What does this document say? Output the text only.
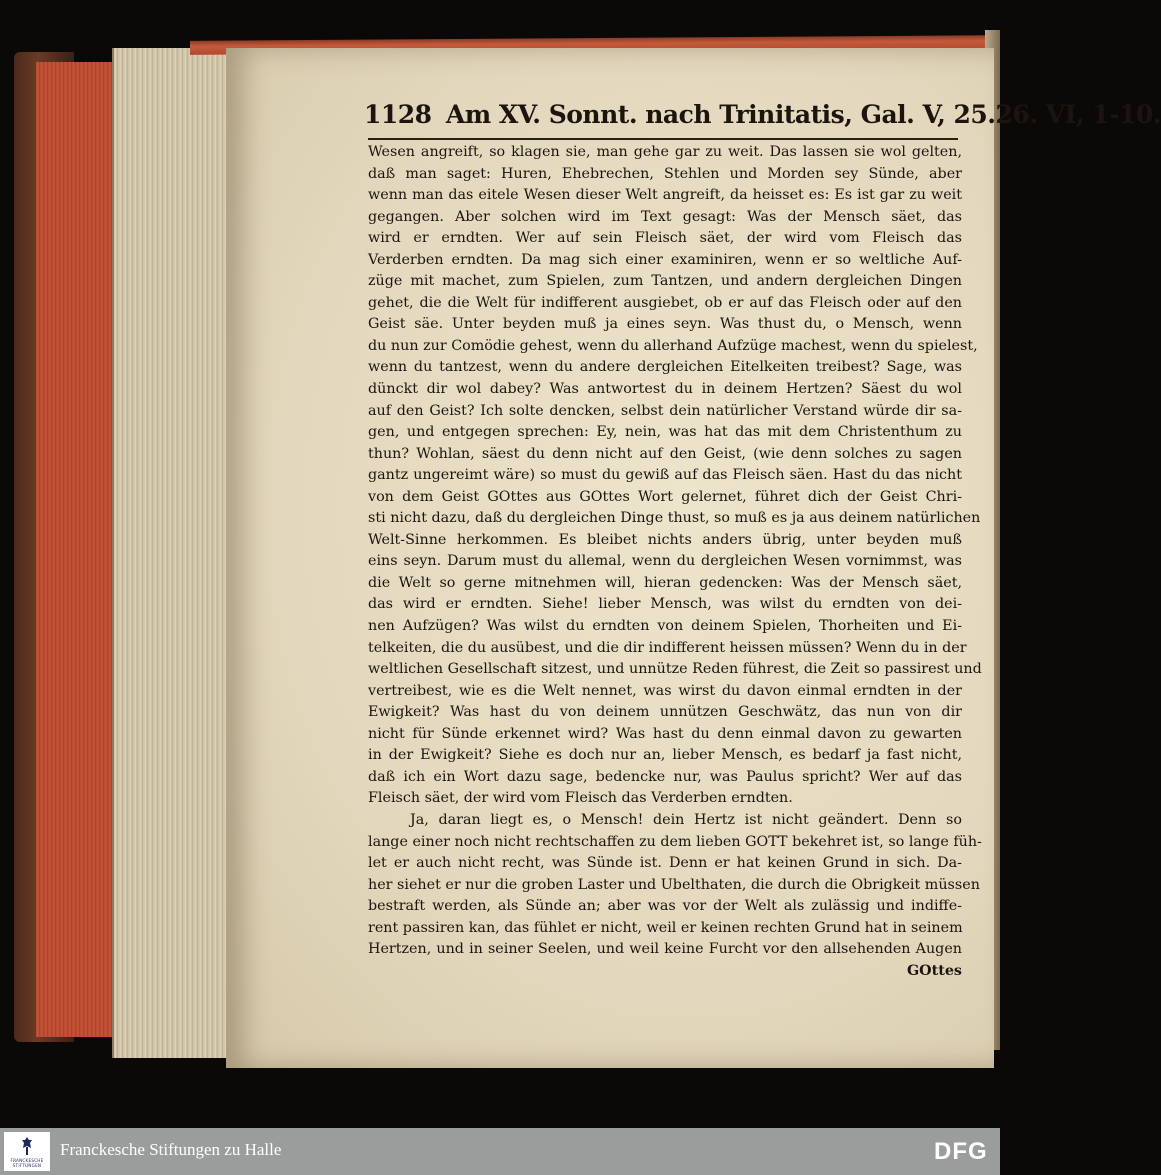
1128 Am XV. Sonnt. nach Trinitatis, Gal. V, 25.26. VI, 1-10.
Wesen angreift, so klagen sie, man gehe gar zu weit. Das lassen sie wol gelten,
daß man saget: Huren, Ehebrechen, Stehlen und Morden sey Sünde, aber
wenn man das eitele Wesen dieser Welt angreift, da heisset es: Es ist gar zu weit
gegangen. Aber solchen wird im Text gesagt: Was der Mensch säet, das
wird er erndten. Wer auf sein Fleisch säet, der wird vom Fleisch das
Verderben erndten. Da mag sich einer examiniren, wenn er so weltliche Auf-
züge mit machet, zum Spielen, zum Tantzen, und andern dergleichen Dingen
gehet, die die Welt für indifferent ausgiebet, ob er auf das Fleisch oder auf den
Geist säe. Unter beyden muß ja eines seyn. Was thust du, o Mensch, wenn
du nun zur Comödie gehest, wenn du allerhand Aufzüge machest, wenn du spielest,
wenn du tantzest, wenn du andere dergleichen Eitelkeiten treibest? Sage, was
dünckt dir wol dabey? Was antwortest du in deinem Hertzen? Säest du wol
auf den Geist? Ich solte dencken, selbst dein natürlicher Verstand würde dir sa-
gen, und entgegen sprechen: Ey, nein, was hat das mit dem Christenthum zu
thun? Wohlan, säest du denn nicht auf den Geist, (wie denn solches zu sagen
gantz ungereimt wäre) so must du gewiß auf das Fleisch säen. Hast du das nicht
von dem Geist GOttes aus GOttes Wort gelernet, führet dich der Geist Chri-
sti nicht dazu, daß du dergleichen Dinge thust, so muß es ja aus deinem natürlichen
Welt-Sinne herkommen. Es bleibet nichts anders übrig, unter beyden muß
eins seyn. Darum must du allemal, wenn du dergleichen Wesen vornimmst, was
die Welt so gerne mitnehmen will, hieran gedencken: Was der Mensch säet,
das wird er erndten. Siehe! lieber Mensch, was wilst du erndten von dei-
nen Aufzügen? Was wilst du erndten von deinem Spielen, Thorheiten und Ei-
telkeiten, die du ausübest, und die dir indifferent heissen müssen? Wenn du in der
weltlichen Gesellschaft sitzest, und unnütze Reden führest, die Zeit so passirest und
vertreibest, wie es die Welt nennet, was wirst du davon einmal erndten in der
Ewigkeit? Was hast du von deinem unnützen Geschwätz, das nun von dir
nicht für Sünde erkennet wird? Was hast du denn einmal davon zu gewarten
in der Ewigkeit? Siehe es doch nur an, lieber Mensch, es bedarf ja fast nicht,
daß ich ein Wort dazu sage, bedencke nur, was Paulus spricht? Wer auf das
Fleisch säet, der wird vom Fleisch das Verderben erndten.
Ja, daran liegt es, o Mensch! dein Hertz ist nicht geändert. Denn so
lange einer noch nicht rechtschaffen zu dem lieben GOTT bekehret ist, so lange füh-
let er auch nicht recht, was Sünde ist. Denn er hat keinen Grund in sich. Da-
her siehet er nur die groben Laster und Ubelthaten, die durch die Obrigkeit müssen
bestraft werden, als Sünde an; aber was vor der Welt als zulässig und indiffe-
rent passiren kan, das fühlet er nicht, weil er keinen rechten Grund hat in seinem
Hertzen, und in seiner Seelen, und weil keine Furcht vor den allsehenden Augen
GOttes
FRANCKESCHE STIFTUNGEN
Franckesche Stiftungen zu Halle	DFG
